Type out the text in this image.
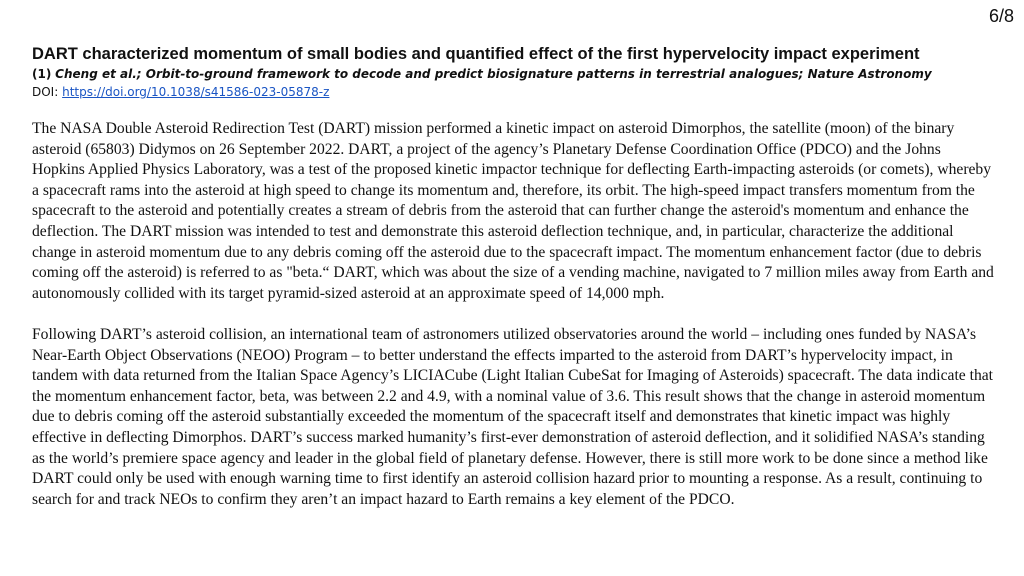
6/8
DART characterized momentum of small bodies and quantified effect of the first hypervelocity impact experiment
(1) Cheng et al.; Orbit-to-ground framework to decode and predict biosignature patterns in terrestrial analogues; Nature Astronomy
DOI: https://doi.org/10.1038/s41586-023-05878-z

The NASA Double Asteroid Redirection Test (DART) mission performed a kinetic impact on asteroid Dimorphos, the satellite (moon) of the binary asteroid (65803) Didymos on 26 September 2022. DART, a project of the agency’s Planetary Defense Coordination Office (PDCO) and the Johns Hopkins Applied Physics Laboratory, was a test of the proposed kinetic impactor technique for deflecting Earth-impacting asteroids (or comets), whereby a spacecraft rams into the asteroid at high speed to change its momentum and, therefore, its orbit. The high-speed impact transfers momentum from the spacecraft to the asteroid and potentially creates a stream of debris from the asteroid that can further change the asteroid's momentum and enhance the deflection. The DART mission was intended to test and demonstrate this asteroid deflection technique, and, in particular, characterize the additional change in asteroid momentum due to any debris coming off the asteroid due to the spacecraft impact. The momentum enhancement factor (due to debris coming off the asteroid) is referred to as "beta.“ DART, which was about the size of a vending machine, navigated to 7 million miles away from Earth and autonomously collided with its target pyramid-sized asteroid at an approximate speed of 14,000 mph.

Following DART’s asteroid collision, an international team of astronomers utilized observatories around the world – including ones funded by NASA’s Near-Earth Object Observations (NEOO) Program – to better understand the effects imparted to the asteroid from DART’s hypervelocity impact, in tandem with data returned from the Italian Space Agency’s LICIACube (Light Italian CubeSat for Imaging of Asteroids) spacecraft. The data indicate that the momentum enhancement factor, beta, was between 2.2 and 4.9, with a nominal value of 3.6. This result shows that the change in asteroid momentum due to debris coming off the asteroid substantially exceeded the momentum of the spacecraft itself and demonstrates that kinetic impact was highly effective in deflecting Dimorphos. DART’s success marked humanity’s first-ever demonstration of asteroid deflection, and it solidified NASA’s standing as the world’s premiere space agency and leader in the global field of planetary defense. However, there is still more work to be done since a method like DART could only be used with enough warning time to first identify an asteroid collision hazard prior to mounting a response. As a result, continuing to search for and track NEOs to confirm they aren’t an impact hazard to Earth remains a key element of the PDCO.
